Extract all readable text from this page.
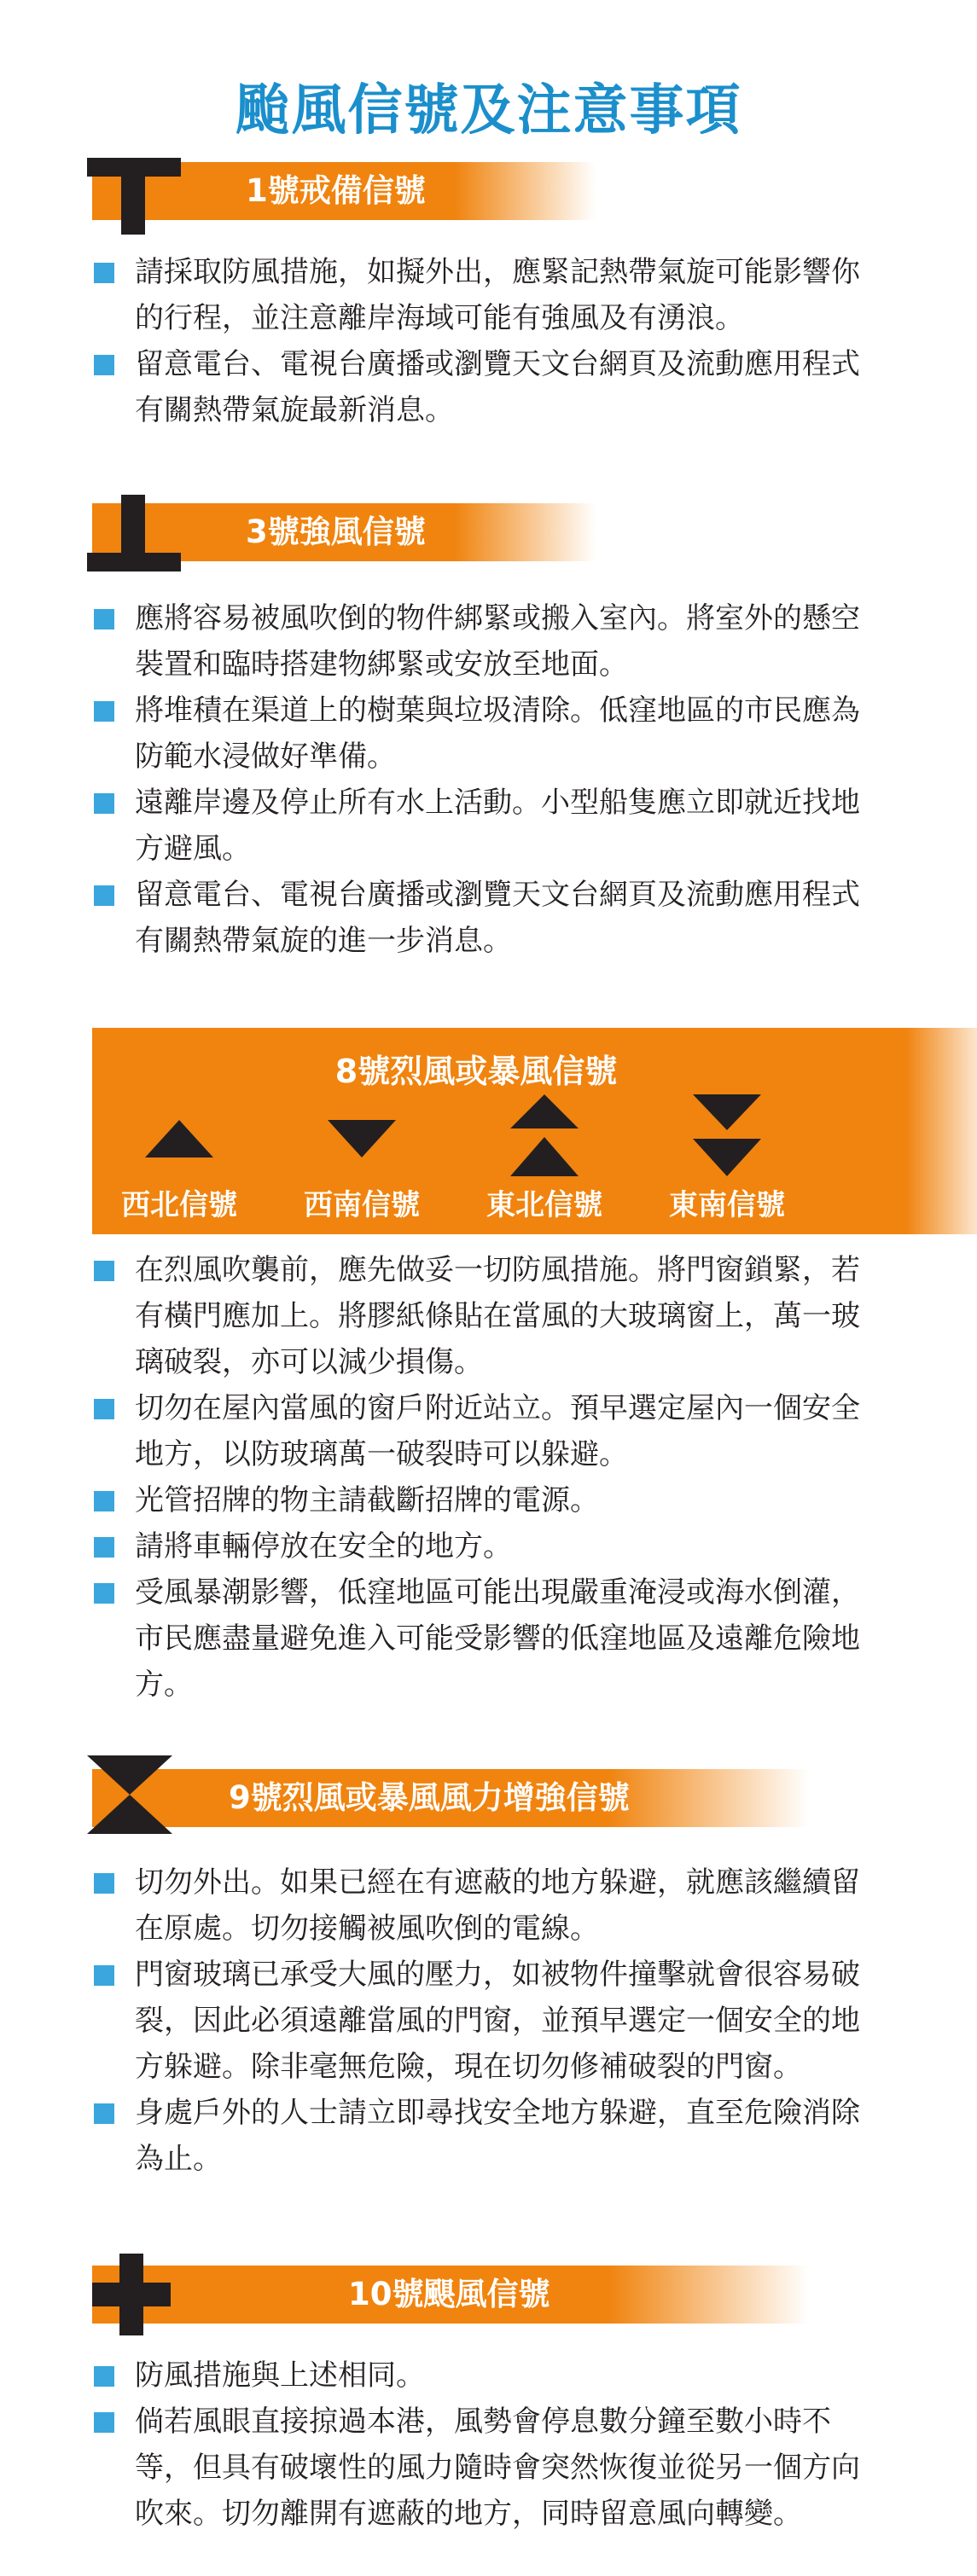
颱風信號及注意事項
1號戒備信號
請採取防風措施，如擬外出，應緊記熱帶氣旋可能影響你的行程，並注意離岸海域可能有強風及有湧浪。
留意電台、電視台廣播或瀏覽天文台網頁及流動應用程式有關熱帶氣旋最新消息。
3號強風信號
應將容易被風吹倒的物件綁緊或搬入室內。將室外的懸空裝置和臨時搭建物綁緊或安放至地面。
將堆積在渠道上的樹葉與垃圾清除。低窪地區的市民應為防範水浸做好準備。
遠離岸邊及停止所有水上活動。小型船隻應立即就近找地方避風。
留意電台、電視台廣播或瀏覽天文台網頁及流動應用程式有關熱帶氣旋的進一步消息。
8號烈風或暴風信號
西北信號	西南信號	東北信號	東南信號
在烈風吹襲前，應先做妥一切防風措施。將門窗鎖緊，若有橫門應加上。將膠紙條貼在當風的大玻璃窗上，萬一玻璃破裂，亦可以減少損傷。
切勿在屋內當風的窗戶附近站立。預早選定屋內一個安全地方，以防玻璃萬一破裂時可以躲避。
光管招牌的物主請截斷招牌的電源。
請將車輛停放在安全的地方。
受風暴潮影響，低窪地區可能出現嚴重淹浸或海水倒灌，市民應盡量避免進入可能受影響的低窪地區及遠離危險地方。
9號烈風或暴風風力增強信號
切勿外出。如果已經在有遮蔽的地方躲避，就應該繼續留在原處。切勿接觸被風吹倒的電線。
門窗玻璃已承受大風的壓力，如被物件撞擊就會很容易破裂，因此必須遠離當風的門窗，並預早選定一個安全的地方躲避。除非毫無危險，現在切勿修補破裂的門窗。
身處戶外的人士請立即尋找安全地方躲避，直至危險消除為止。
10號颶風信號
防風措施與上述相同。
倘若風眼直接掠過本港，風勢會停息數分鐘至數小時不等，但具有破壞性的風力隨時會突然恢復並從另一個方向吹來。切勿離開有遮蔽的地方，同時留意風向轉變。
